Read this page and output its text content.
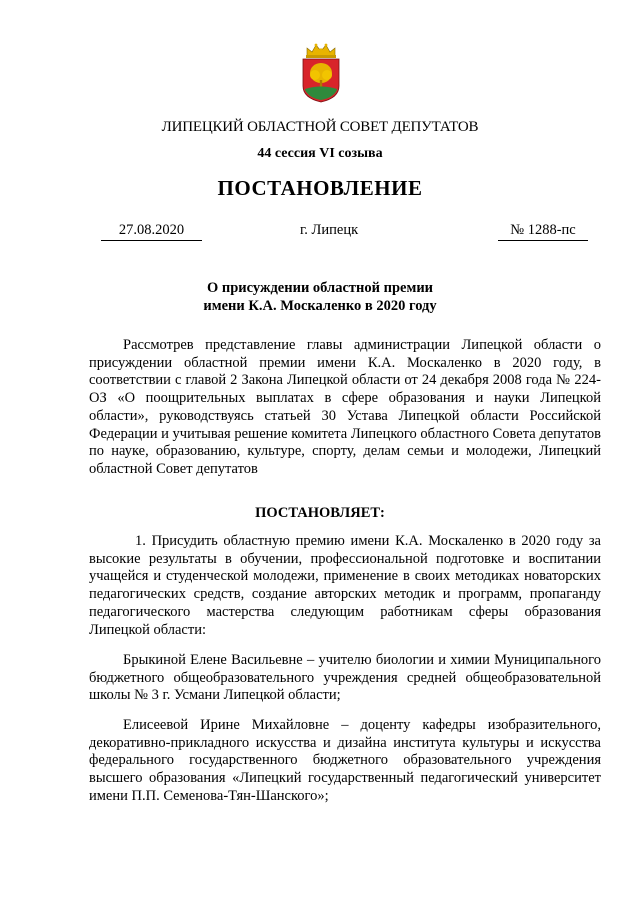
ЛИПЕЦКИЙ ОБЛАСТНОЙ СОВЕТ ДЕПУТАТОВ
44 сессия VI созыва
ПОСТАНОВЛЕНИЕ
27.08.2020	г. Липецк	№ 1288-пс
О присуждении областной премии
имени К.А. Москаленко в 2020 году

Рассмотрев представление главы администрации Липецкой области о присуждении областной премии имени К.А. Москаленко в 2020 году, в соответствии с главой 2 Закона Липецкой области от 24 декабря 2008 года № 224-ОЗ «О поощрительных выплатах в сфере образования и науки Липецкой области», руководствуясь статьей 30 Устава Липецкой области Российской Федерации и учитывая решение комитета Липецкого областного Совета депутатов по науке, образованию, культуре, спорту, делам семьи и молодежи, Липецкий областной Совет депутатов

ПОСТАНОВЛЯЕТ:

1. Присудить областную премию имени К.А. Москаленко в 2020 году за высокие результаты в обучении, профессиональной подготовке и воспитании учащейся и студенческой молодежи, применение в своих методиках новаторских педагогических средств, создание авторских методик и программ, пропаганду педагогического мастерства следующим работникам сферы образования Липецкой области:

Брыкиной Елене Васильевне – учителю биологии и химии Муниципального бюджетного общеобразовательного учреждения средней общеобразовательной школы № 3 г. Усмани Липецкой области;

Елисеевой Ирине Михайловне – доценту кафедры изобразительного, декоративно-прикладного искусства и дизайна института культуры и искусства федерального государственного бюджетного образовательного учреждения высшего образования «Липецкий государственный педагогический университет имени П.П. Семенова-Тян-Шанского»;
